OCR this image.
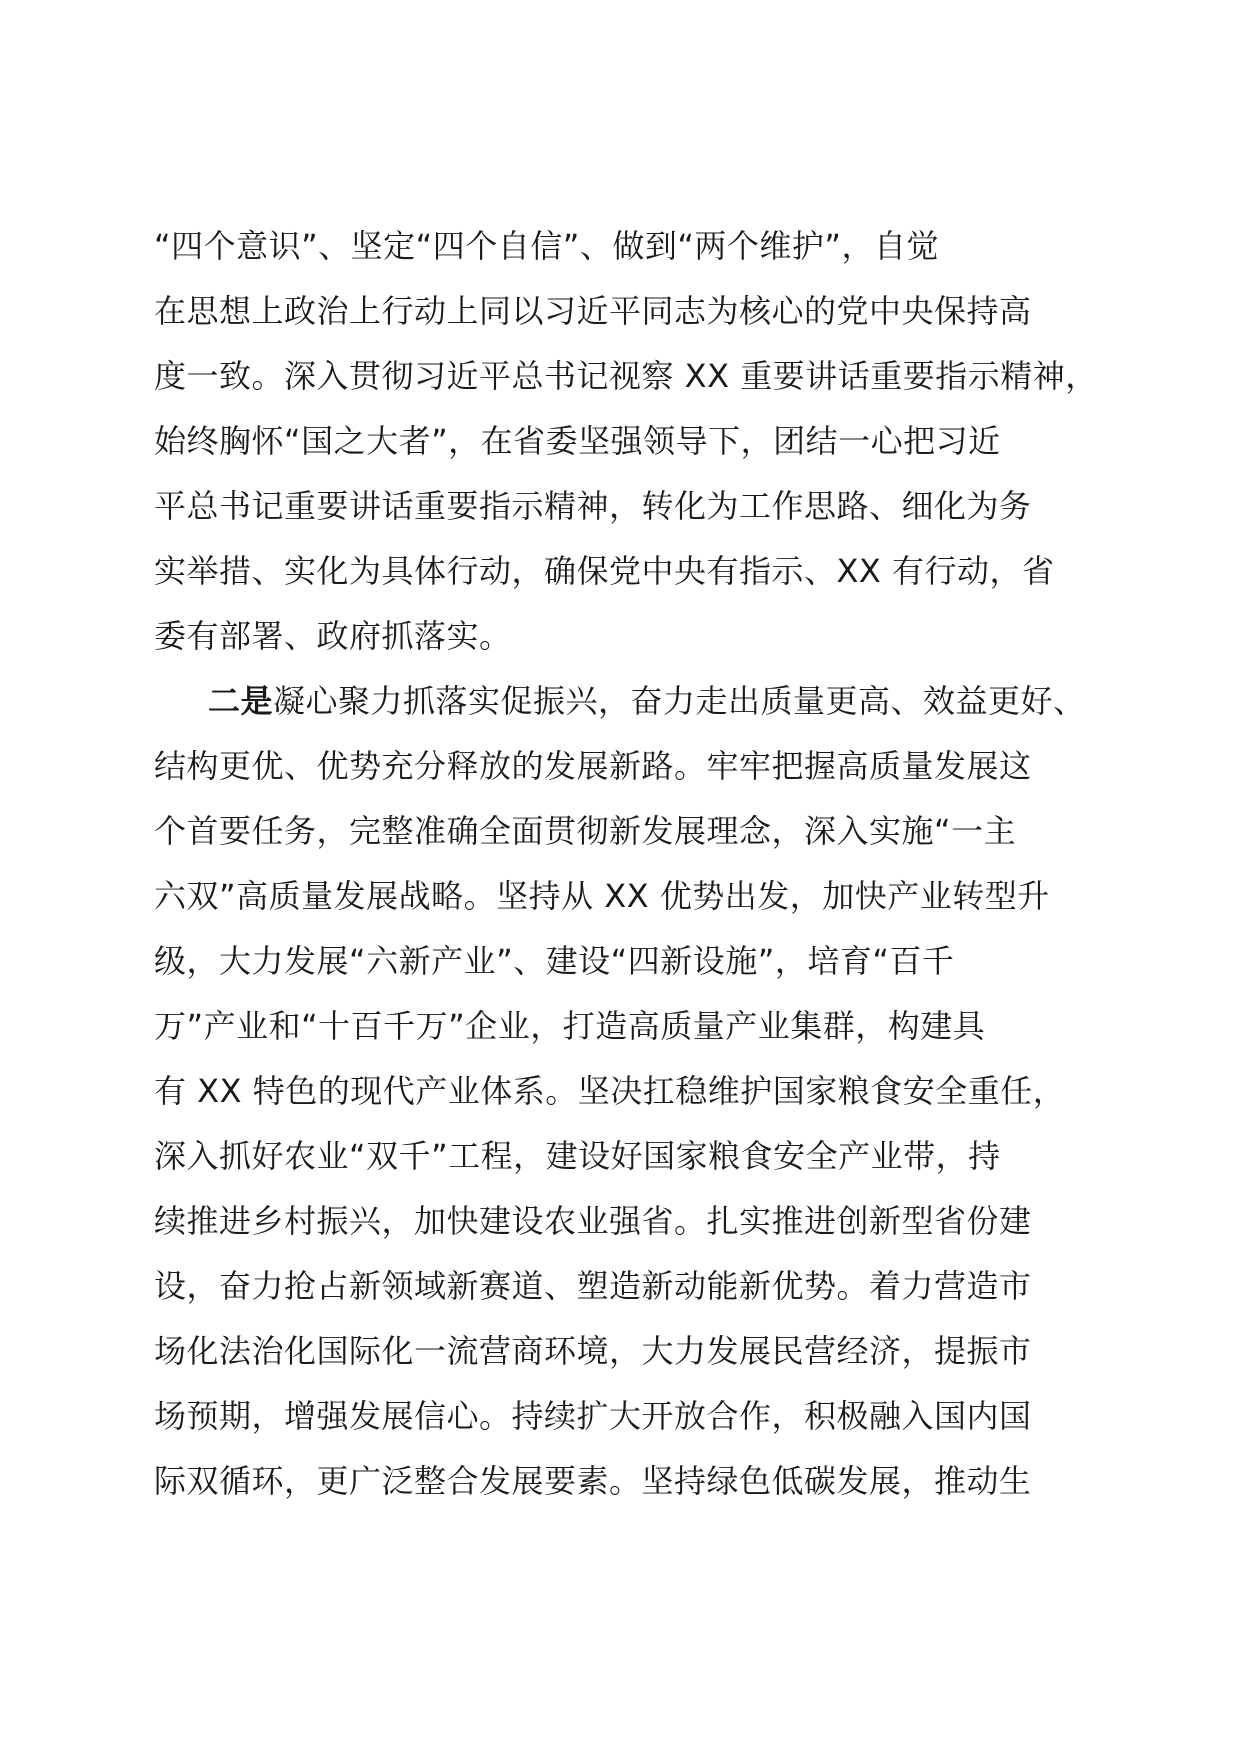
“四个意识”、坚定“四个自信”、做到“两个维护”，自觉
在思想上政治上行动上同以习近平同志为核心的党中央保持高
度一致。深入贯彻习近平总书记视察 XX 重要讲话重要指示精神，
始终胸怀“国之大者”，在省委坚强领导下，团结一心把习近
平总书记重要讲话重要指示精神，转化为工作思路、细化为务
实举措、实化为具体行动，确保党中央有指示、XX 有行动，省
委有部署、政府抓落实。
二是凝心聚力抓落实促振兴，奋力走出质量更高、效益更好、
结构更优、优势充分释放的发展新路。牢牢把握高质量发展这
个首要任务，完整准确全面贯彻新发展理念，深入实施“一主
六双”高质量发展战略。坚持从 XX 优势出发，加快产业转型升
级，大力发展“六新产业”、建设“四新设施”，培育“百千
万”产业和“十百千万”企业，打造高质量产业集群，构建具
有 XX 特色的现代产业体系。坚决扛稳维护国家粮食安全重任，
深入抓好农业“双千”工程，建设好国家粮食安全产业带，持
续推进乡村振兴，加快建设农业强省。扎实推进创新型省份建
设，奋力抢占新领域新赛道、塑造新动能新优势。着力营造市
场化法治化国际化一流营商环境，大力发展民营经济，提振市
场预期，增强发展信心。持续扩大开放合作，积极融入国内国
际双循环，更广泛整合发展要素。坚持绿色低碳发展，推动生
